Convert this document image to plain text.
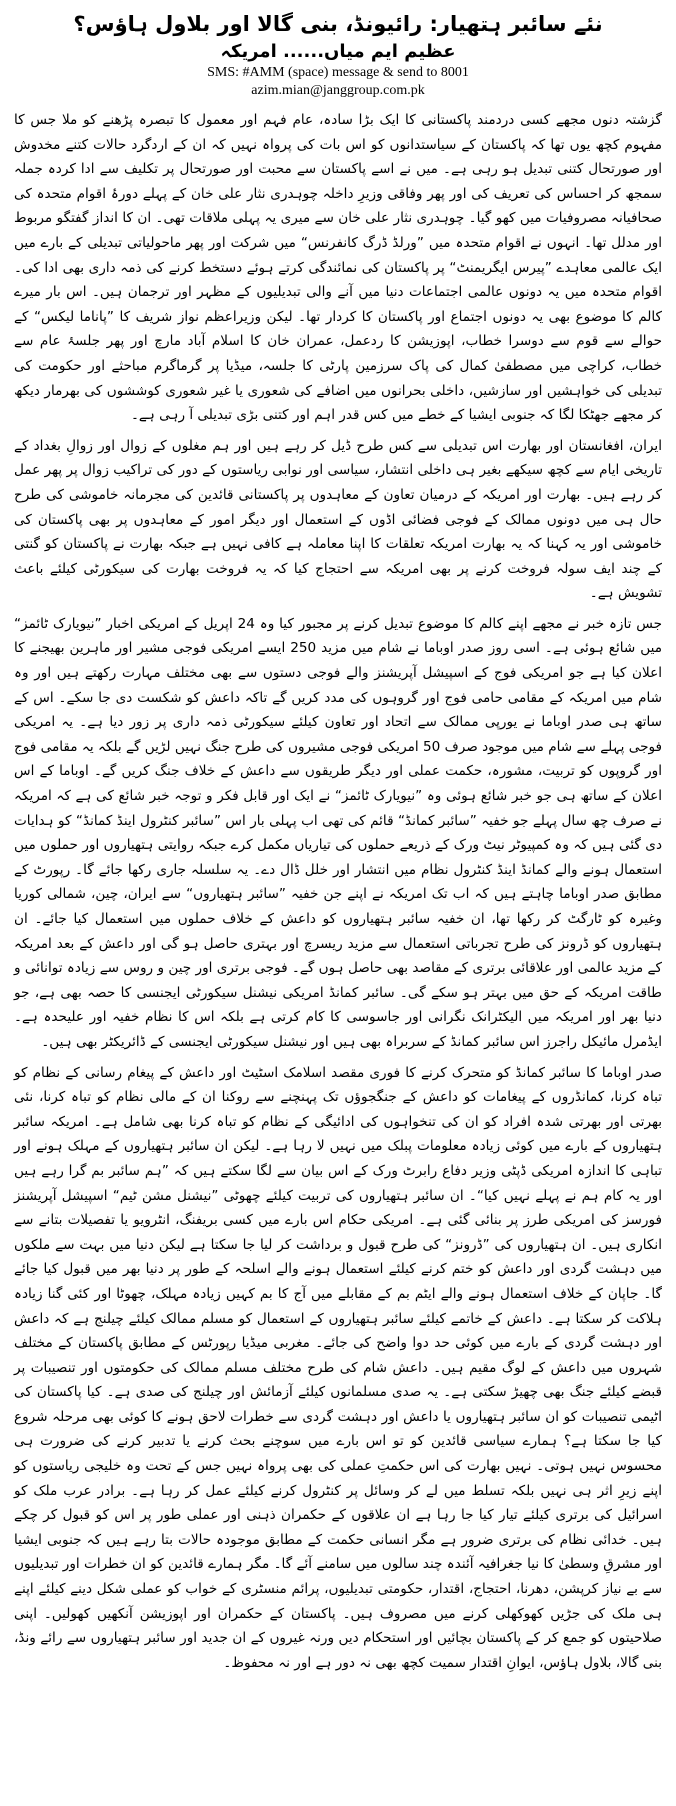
نئے سائبر ہتھیار: رائیونڈ، بنی گالا اور بلاول ہاؤس؟

عظیم ایم میاں...... امریکہ

SMS: #AMM (space) message & send to 8001

azim.mian@janggroup.com.pk

گزشتہ دنوں مجھے کسی دردمند پاکستانی کا ایک بڑا سادہ، عام فہم اور معمول کا تبصرہ پڑھنے کو ملا جس کا مفہوم کچھ یوں تھا کہ پاکستان کے سیاستدانوں کو اس بات کی پرواہ نہیں کہ ان کے اردگرد حالات کتنے مخدوش اور صورتحال کتنی تبدیل ہو رہی ہے۔ میں نے اسے پاکستان سے محبت اور صورتحال پر تکلیف سے ادا کردہ جملہ سمجھ کر احساس کی تعریف کی اور پھر وفاقی وزیرِ داخلہ چوہدری نثار علی خان کے پہلے دورۂ اقوام متحدہ کی صحافیانہ مصروفیات میں کھو گیا۔ چوہدری نثار علی خان سے میری یہ پہلی ملاقات تھی۔ ان کا انداز گفتگو مربوط اور مدلل تھا۔ انہوں نے اقوام متحدہ میں ”ورلڈ ڈرگ کانفرنس“ میں شرکت اور پھر ماحولیاتی تبدیلی کے بارے میں ایک عالمی معاہدے ”پیرس ایگریمنٹ“ پر پاکستان کی نمائندگی کرتے ہوئے دستخط کرنے کی ذمہ داری بھی ادا کی۔ اقوام متحدہ میں یہ دونوں عالمی اجتماعات دنیا میں آنے والی تبدیلیوں کے مظہر اور ترجمان ہیں۔ اس بار میرے کالم کا موضوع بھی یہ دونوں اجتماع اور پاکستان کا کردار تھا۔ لیکن وزیراعظم نواز شریف کا ”پاناما لیکس“ کے حوالے سے قوم سے دوسرا خطاب، اپوزیشن کا ردعمل، عمران خان کا اسلام آباد مارچ اور پھر جلسۂ عام سے خطاب، کراچی میں مصطفیٰ کمال کی پاک سرزمین پارٹی کا جلسہ، میڈیا پر گرماگرم مباحثے اور حکومت کی تبدیلی کی خواہشیں اور سازشیں، داخلی بحرانوں میں اضافے کی شعوری یا غیر شعوری کوششوں کی بھرمار دیکھ کر مجھے جھٹکا لگا کہ جنوبی ایشیا کے خطے میں کس قدر اہم اور کتنی بڑی تبدیلی آ رہی ہے۔

ایران، افغانستان اور بھارت اس تبدیلی سے کس طرح ڈیل کر رہے ہیں اور ہم مغلوں کے زوال اور زوالِ بغداد کے تاریخی ایام سے کچھ سیکھے بغیر ہی داخلی انتشار، سیاسی اور نوابی ریاستوں کے دور کی تراکیب زوال پر پھر عمل کر رہے ہیں۔ بھارت اور امریکہ کے درمیان تعاون کے معاہدوں پر پاکستانی قائدین کی مجرمانہ خاموشی کی طرح حال ہی میں دونوں ممالک کے فوجی فضائی اڈوں کے استعمال اور دیگر امور کے معاہدوں پر بھی پاکستان کی خاموشی اور یہ کہنا کہ یہ بھارت امریکہ تعلقات کا اپنا معاملہ ہے کافی نہیں ہے جبکہ بھارت نے پاکستان کو گنتی کے چند ایف سولہ فروخت کرنے پر بھی امریکہ سے احتجاج کیا کہ یہ فروخت بھارت کی سیکورٹی کیلئے باعث تشویش ہے۔

جس تازہ خبر نے مجھے اپنے کالم کا موضوع تبدیل کرنے پر مجبور کیا وہ 24 اپریل کے امریکی اخبار ”نیویارک ٹائمز“ میں شائع ہوئی ہے۔ اسی روز صدر اوباما نے شام میں مزید 250 ایسے امریکی فوجی مشیر اور ماہرین بھیجنے کا اعلان کیا ہے جو امریکی فوج کے اسپیشل آپریشنز والے فوجی دستوں سے بھی مختلف مہارت رکھتے ہیں اور وہ شام میں امریکہ کے مقامی حامی فوج اور گروہوں کی مدد کریں گے تاکہ داعش کو شکست دی جا سکے۔ اس کے ساتھ ہی صدر اوباما نے یورپی ممالک سے اتحاد اور تعاون کیلئے سیکورٹی ذمہ داری پر زور دیا ہے۔ یہ امریکی فوجی پہلے سے شام میں موجود صرف 50 امریکی فوجی مشیروں کی طرح جنگ نہیں لڑیں گے بلکہ یہ مقامی فوج اور گروپوں کو تربیت، مشورہ، حکمت عملی اور دیگر طریقوں سے داعش کے خلاف جنگ کریں گے۔ اوباما کے اس اعلان کے ساتھ ہی جو خبر شائع ہوئی وہ ”نیویارک ٹائمز“ نے ایک اور قابل فکر و توجہ خبر شائع کی ہے کہ امریکہ نے صرف چھ سال پہلے جو خفیہ ”سائبر کمانڈ“ قائم کی تھی اب پہلی بار اس ”سائبر کنٹرول اینڈ کمانڈ“ کو ہدایات دی گئی ہیں کہ وہ کمپیوٹر نیٹ ورک کے ذریعے حملوں کی تیاریاں مکمل کرے جبکہ روایتی ہتھیاروں اور حملوں میں استعمال ہونے والے کمانڈ اینڈ کنٹرول نظام میں انتشار اور خلل ڈال دے۔ یہ سلسلہ جاری رکھا جائے گا۔ رپورٹ کے مطابق صدر اوباما چاہتے ہیں کہ اب تک امریکہ نے اپنے جن خفیہ ”سائبر ہتھیاروں“ سے ایران، چین، شمالی کوریا وغیرہ کو ٹارگٹ کر رکھا تھا، ان خفیہ سائبر ہتھیاروں کو داعش کے خلاف حملوں میں استعمال کیا جائے۔ ان ہتھیاروں کو ڈرونز کی طرح تجرباتی استعمال سے مزید ریسرچ اور بہتری حاصل ہو گی اور داعش کے بعد امریکہ کے مزید عالمی اور علاقائی برتری کے مقاصد بھی حاصل ہوں گے۔ فوجی برتری اور چین و روس سے زیادہ توانائی و طاقت امریکہ کے حق میں بہتر ہو سکے گی۔ سائبر کمانڈ امریکی نیشنل سیکورٹی ایجنسی کا حصہ بھی ہے، جو دنیا بھر اور امریکہ میں الیکٹرانک نگرانی اور جاسوسی کا کام کرتی ہے بلکہ اس کا نظام خفیہ اور علیحدہ ہے۔ ایڈمرل مائیکل راجرز اس سائبر کمانڈ کے سربراہ بھی ہیں اور نیشنل سیکورٹی ایجنسی کے ڈائریکٹر بھی ہیں۔

صدر اوباما کا سائبر کمانڈ کو متحرک کرنے کا فوری مقصد اسلامک اسٹیٹ اور داعش کے پیغام رسانی کے نظام کو تباہ کرنا، کمانڈروں کے پیغامات کو داعش کے جنگجوؤں تک پہنچنے سے روکنا ان کے مالی نظام کو تباہ کرنا، نئی بھرتی اور بھرتی شدہ افراد کو ان کی تنخواہوں کی ادائیگی کے نظام کو تباہ کرنا بھی شامل ہے۔ امریکہ سائبر ہتھیاروں کے بارے میں کوئی زیادہ معلومات پبلک میں نہیں لا رہا ہے۔ لیکن ان سائبر ہتھیاروں کے مہلک ہونے اور تباہی کا اندازہ امریکی ڈپٹی وزیر دفاع رابرٹ ورک کے اس بیان سے لگا سکتے ہیں کہ ”ہم سائبر بم گرا رہے ہیں اور یہ کام ہم نے پہلے نہیں کیا“۔ ان سائبر ہتھیاروں کی تربیت کیلئے چھوٹی ”نیشنل مشن ٹیم“ اسپیشل آپریشنز فورسز کی امریکی طرز پر بنائی گئی ہے۔ امریکی حکام اس بارے میں کسی بریفنگ، انٹرویو یا تفصیلات بتانے سے انکاری ہیں۔ ان ہتھیاروں کی ”ڈرونز“ کی طرح قبول و برداشت کر لیا جا سکتا ہے لیکن دنیا میں بہت سے ملکوں میں دہشت گردی اور داعش کو ختم کرنے کیلئے استعمال ہونے والے اسلحہ کے طور پر دنیا بھر میں قبول کیا جائے گا۔ جاپان کے خلاف استعمال ہونے والے ایٹم بم کے مقابلے میں آج کا بم کہیں زیادہ مہلک، چھوٹا اور کئی گنا زیادہ ہلاکت کر سکتا ہے۔ داعش کے خاتمے کیلئے سائبر ہتھیاروں کے استعمال کو مسلم ممالک کیلئے چیلنج ہے کہ داعش اور دہشت گردی کے بارے میں کوئی حد دوا واضح کی جائے۔ مغربی میڈیا رپورٹس کے مطابق پاکستان کے مختلف شہروں میں داعش کے لوگ مقیم ہیں۔ داعش شام کی طرح مختلف مسلم ممالک کی حکومتوں اور تنصیبات پر قبضے کیلئے جنگ بھی چھیڑ سکتی ہے۔ یہ صدی مسلمانوں کیلئے آزمائش اور چیلنج کی صدی ہے۔ کیا پاکستان کی اٹیمی تنصیبات کو ان سائبر ہتھیاروں یا داعش اور دہشت گردی سے خطرات لاحق ہونے کا کوئی بھی مرحلہ شروع کیا جا سکتا ہے؟ ہمارے سیاسی قائدین کو تو اس بارے میں سوچنے بحث کرنے یا تدبیر کرنے کی ضرورت ہی محسوس نہیں ہوتی۔ نہیں بھارت کی اس حکمتِ عملی کی بھی پرواہ نہیں جس کے تحت وہ خلیجی ریاستوں کو اپنے زیرِ اثر ہی نہیں بلکہ تسلط میں لے کر وسائل پر کنٹرول کرنے کیلئے عمل کر رہا ہے۔ برادر عرب ملک کو اسرائیل کی برتری کیلئے تیار کیا جا رہا ہے ان علاقوں کے حکمران ذہنی اور عملی طور پر اس کو قبول کر چکے ہیں۔ خدائی نظام کی برتری ضرور ہے مگر انسانی حکمت کے مطابق موجودہ حالات بتا رہے ہیں کہ جنوبی ایشیا اور مشرقِ وسطیٰ کا نیا جغرافیہ آئندہ چند سالوں میں سامنے آئے گا۔ مگر ہمارے قائدین کو ان خطرات اور تبدیلیوں سے بے نیاز کرپشن، دھرنا، احتجاج، اقتدار، حکومتی تبدیلیوں، پرائم منسٹری کے خواب کو عملی شکل دینے کیلئے اپنے ہی ملک کی جڑیں کھوکھلی کرنے میں مصروف ہیں۔ پاکستان کے حکمران اور اپوزیشن آنکھیں کھولیں۔ اپنی صلاحیتوں کو جمع کر کے پاکستان بچائیں اور استحکام دیں ورنہ غیروں کے ان جدید اور سائبر ہتھیاروں سے رائے ونڈ، بنی گالا، بلاول ہاؤس، ایوانِ اقتدار سمیت کچھ بھی نہ دور ہے اور نہ محفوظ۔
